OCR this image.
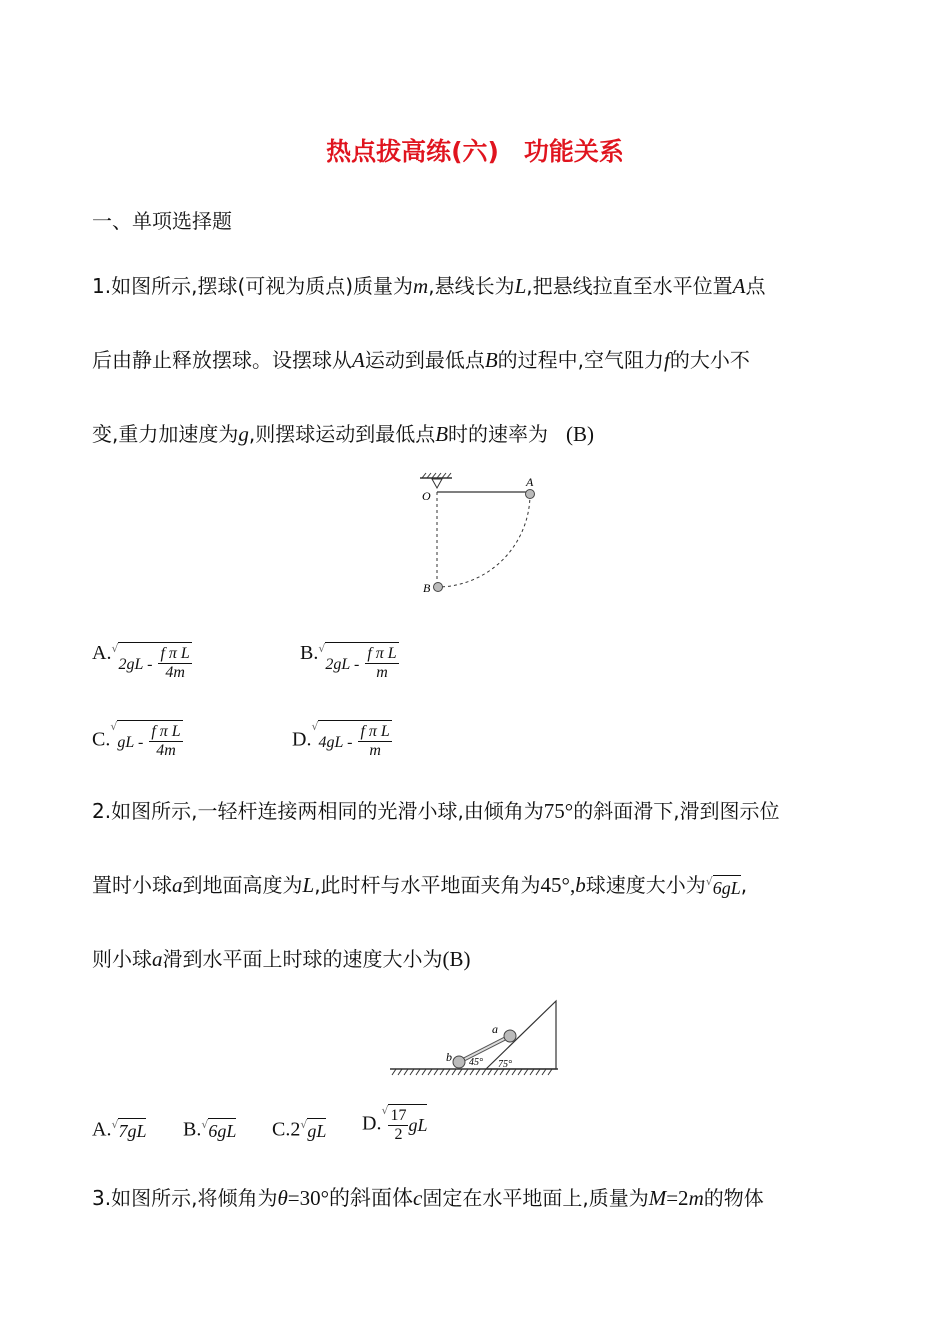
热点拔高练(六)　功能关系
一、单项选择题
1.如图所示,摆球(可视为质点)质量为m,悬线长为L,把悬线拉直至水平位置A点
后由静止释放摆球。设摆球从A运动到最低点B的过程中,空气阻力f的大小不
变,重力加速度为g,则摆球运动到最低点B时的速率为 (B)
O
A
B
$A.^√2gL - \frac{\text{f π L}}{4m}$	$B.^√2gL - \frac{\text{f π L}}{m}$
$C.^√gL - \frac{\text{f π L}}{4m}$	$D.^√4gL - \frac{\text{f π L}}{m}$
2.如图所示,一轻杆连接两相同的光滑小球,由倾角为75°的斜面滑下,滑到图示位
置时小球a到地面高度为L,此时杆与水平地面夹角为45°,b球速度大小为√6gL,
则小球a滑到水平面上时球的速度大小为(B)
a
b 45° 75°
A.√7gL B.√6gL C.2√gL $D.^√ \frac{17}{2}$ gL
3.如图所示,将倾角为θ=30°的斜面体c固定在水平地面上,质量为M=2m的物体
